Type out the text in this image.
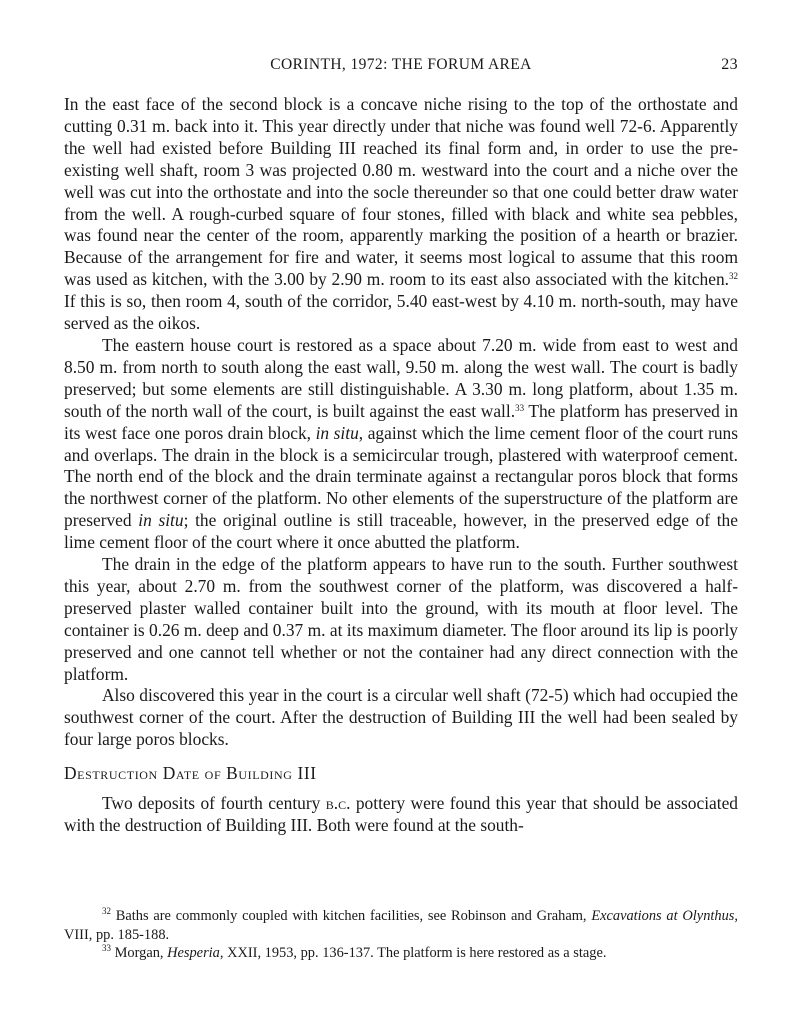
CORINTH, 1972: THE FORUM AREA	23

In the east face of the second block is a concave niche rising to the top of the orthostate and cutting 0.31 m. back into it. This year directly under that niche was found well 72-6. Apparently the well had existed before Building III reached its final form and, in order to use the pre-existing well shaft, room 3 was projected 0.80 m. westward into the court and a niche over the well was cut into the orthostate and into the socle thereunder so that one could better draw water from the well. A rough-curbed square of four stones, filled with black and white sea pebbles, was found near the center of the room, apparently marking the position of a hearth or brazier. Because of the arrangement for fire and water, it seems most logical to assume that this room was used as kitchen, with the 3.00 by 2.90 m. room to its east also associated with the kitchen.$^{32}$ If this is so, then room 4, south of the corridor, 5.40 east-west by 4.10 m. north-south, may have served as the oikos.

The eastern house court is restored as a space about 7.20 m. wide from east to west and 8.50 m. from north to south along the east wall, 9.50 m. along the west wall. The court is badly preserved; but some elements are still distinguishable. A 3.30 m. long platform, about 1.35 m. south of the north wall of the court, is built against the east wall.$^{33}$ The platform has preserved in its west face one poros drain block, in situ, against which the lime cement floor of the court runs and overlaps. The drain in the block is a semicircular trough, plastered with waterproof cement. The north end of the block and the drain terminate against a rectangular poros block that forms the northwest corner of the platform. No other elements of the superstructure of the platform are preserved in situ; the original outline is still traceable, however, in the preserved edge of the lime cement floor of the court where it once abutted the platform.

The drain in the edge of the platform appears to have run to the south. Further southwest this year, about 2.70 m. from the southwest corner of the platform, was discovered a half-preserved plaster walled container built into the ground, with its mouth at floor level. The container is 0.26 m. deep and 0.37 m. at its maximum diameter. The floor around its lip is poorly preserved and one cannot tell whether or not the container had any direct connection with the platform.

Also discovered this year in the court is a circular well shaft (72-5) which had occupied the southwest corner of the court. After the destruction of Building III the well had been sealed by four large poros blocks.

Destruction Date of Building III

Two deposits of fourth century b.c. pottery were found this year that should be associated with the destruction of Building III. Both were found at the south-

$^{32}$ Baths are commonly coupled with kitchen facilities, see Robinson and Graham, Excavations at Olynthus, VIII, pp. 185-188.

$^{33}$ Morgan, Hesperia, XXII, 1953, pp. 136-137. The platform is here restored as a stage.
